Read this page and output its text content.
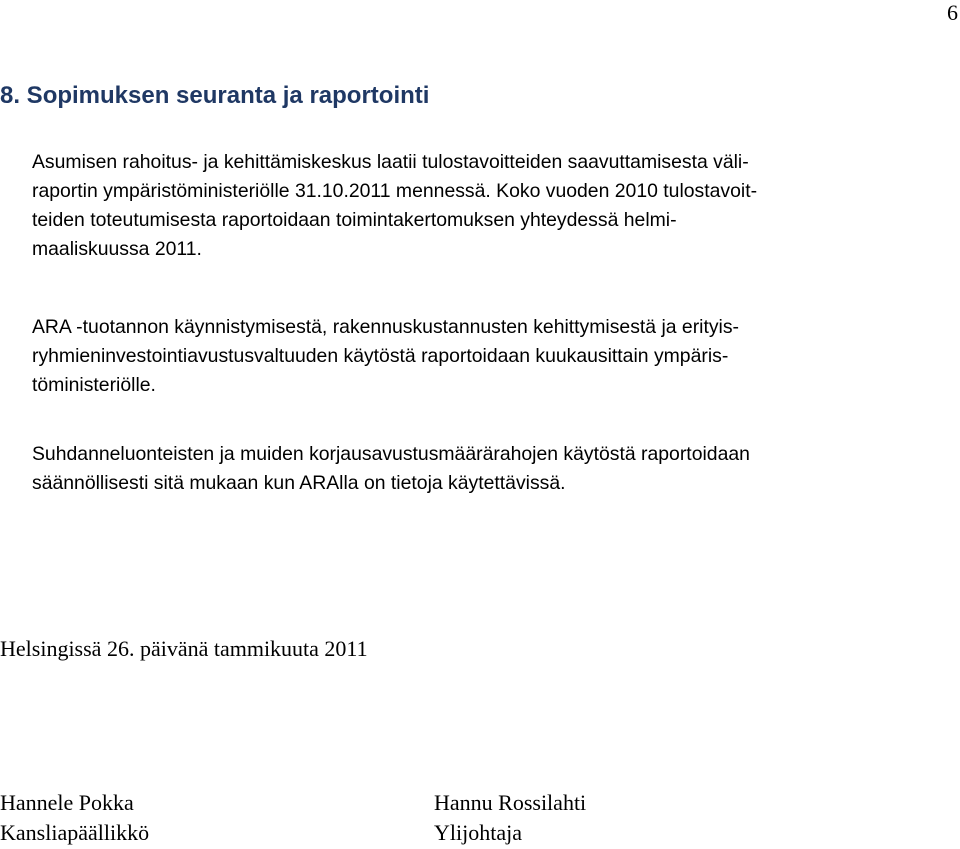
6
8. Sopimuksen seuranta ja raportointi

Asumisen rahoitus- ja kehittämiskeskus laatii tulostavoitteiden saavuttamisesta väli-
raportin ympäristöministeriölle 31.10.2011 mennessä. Koko vuoden 2010 tulostavoit-
teiden toteutumisesta raportoidaan toimintakertomuksen yhteydessä helmi-
maaliskuussa 2011.

ARA -tuotannon käynnistymisestä, rakennuskustannusten kehittymisestä ja erityis-
ryhmieninvestointiavustusvaltuuden käytöstä raportoidaan kuukausittain ympäris-
töministeriölle.

Suhdanneluonteisten ja muiden korjausavustusmäärärahojen käytöstä raportoidaan
säännöllisesti sitä mukaan kun ARAlla on tietoja käytettävissä.

Helsingissä 26. päivänä tammikuuta 2011
Hannele Pokka
Kansliapäällikkö
Hannu Rossilahti
Ylijohtaja
